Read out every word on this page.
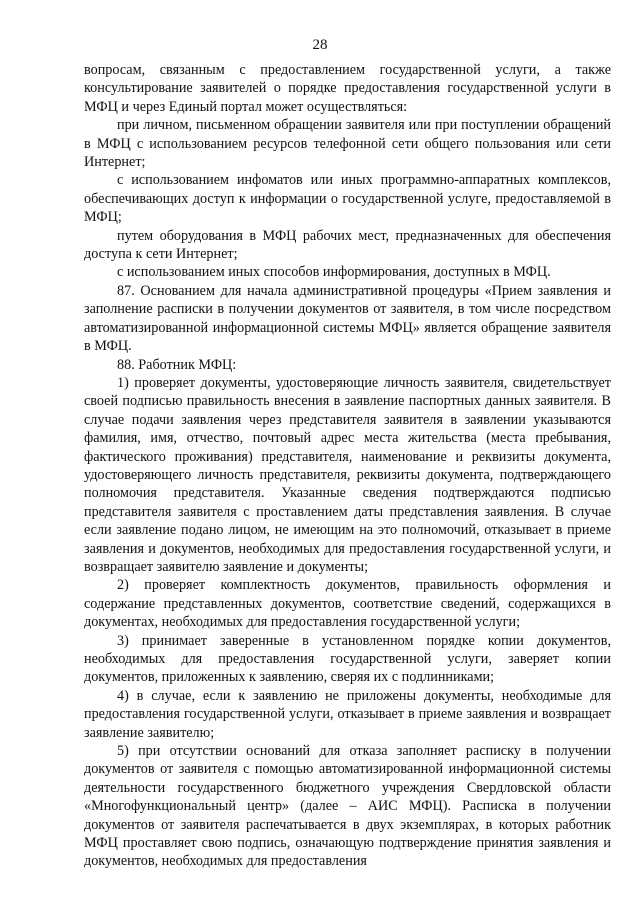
28

вопросам, связанным с предоставлением государственной услуги, а также консультирование заявителей о порядке предоставления государственной услуги в МФЦ и через Единый портал может осуществляться:

при личном, письменном обращении заявителя или при поступлении обращений в МФЦ с использованием ресурсов телефонной сети общего пользования или сети Интернет;

с использованием инфоматов или иных программно-аппаратных комплексов, обеспечивающих доступ к информации о государственной услуге, предоставляемой в МФЦ;

путем оборудования в МФЦ рабочих мест, предназначенных для обеспечения доступа к сети Интернет;

с использованием иных способов информирования, доступных в МФЦ.

87. Основанием для начала административной процедуры «Прием заявления и заполнение расписки в получении документов от заявителя, в том числе посредством автоматизированной информационной системы МФЦ» является обращение заявителя в МФЦ.

88. Работник МФЦ:

1) проверяет документы, удостоверяющие личность заявителя, свидетельствует своей подписью правильность внесения в заявление паспортных данных заявителя. В случае подачи заявления через представителя заявителя в заявлении указываются фамилия, имя, отчество, почтовый адрес места жительства (места пребывания, фактического проживания) представителя, наименование и реквизиты документа, удостоверяющего личность представителя, реквизиты документа, подтверждающего полномочия представителя. Указанные сведения подтверждаются подписью представителя заявителя с проставлением даты представления заявления. В случае если заявление подано лицом, не имеющим на это полномочий, отказывает в приеме заявления и документов, необходимых для предоставления государственной услуги, и возвращает заявителю заявление и документы;

2) проверяет комплектность документов, правильность оформления и содержание представленных документов, соответствие сведений, содержащихся в документах, необходимых для предоставления государственной услуги;

3) принимает заверенные в установленном порядке копии документов, необходимых для предоставления государственной услуги, заверяет копии документов, приложенных к заявлению, сверяя их с подлинниками;

4) в случае, если к заявлению не приложены документы, необходимые для предоставления государственной услуги, отказывает в приеме заявления и возвращает заявление заявителю;

5) при отсутствии оснований для отказа заполняет расписку в получении документов от заявителя с помощью автоматизированной информационной системы деятельности государственного бюджетного учреждения Свердловской области «Многофункциональный центр» (далее – АИС МФЦ). Расписка в получении документов от заявителя распечатывается в двух экземплярах, в которых работник МФЦ проставляет свою подпись, означающую подтверждение принятия заявления и документов, необходимых для предоставления
